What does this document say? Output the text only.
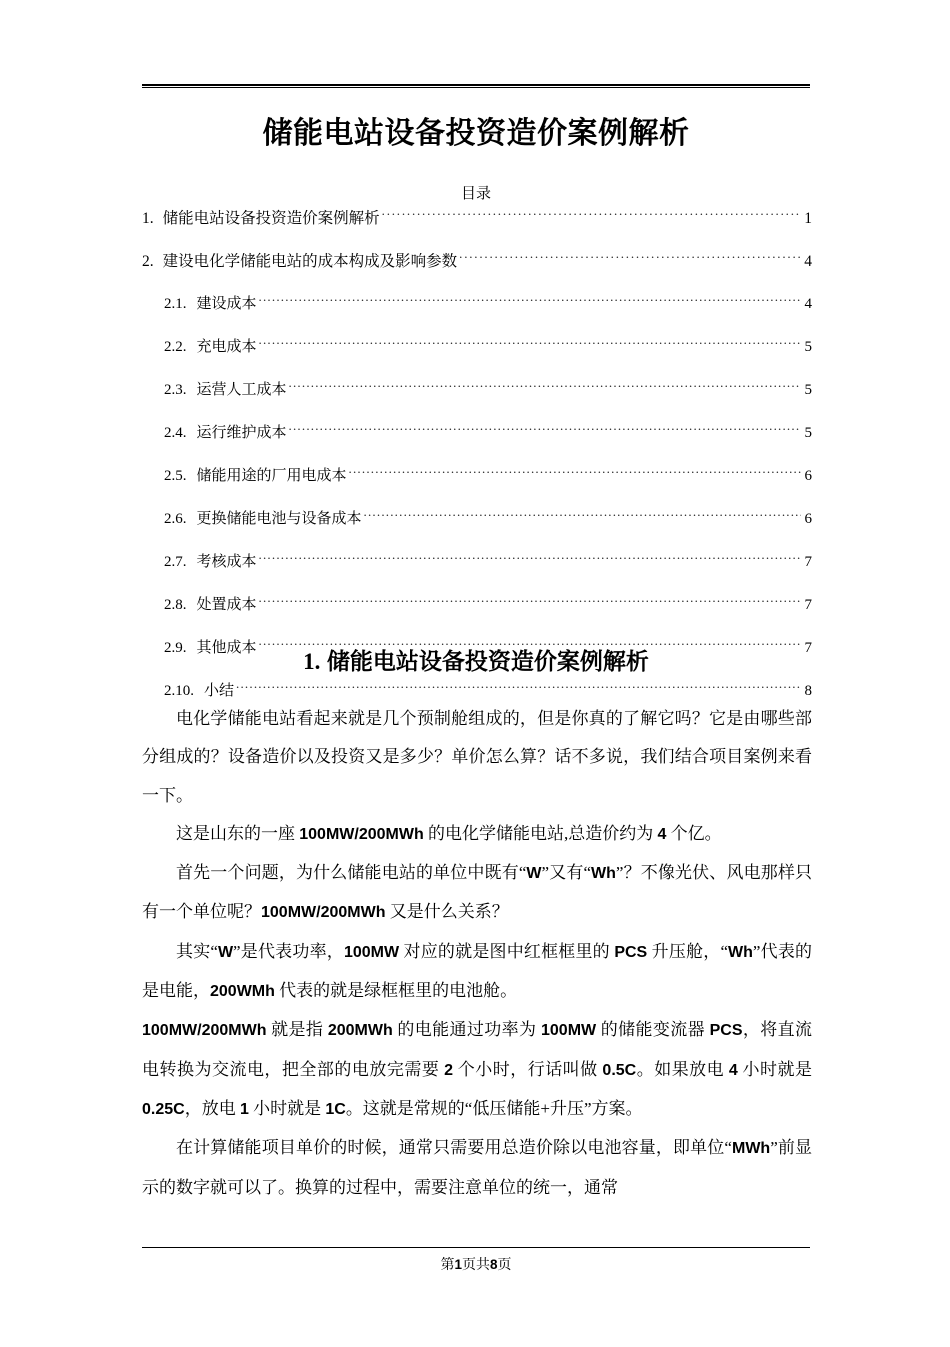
储能电站设备投资造价案例解析
目录
1. 储能电站设备投资造价案例解析 .....	1
2. 建设电化学储能电站的成本构成及影响参数 .....	4
2.1. 建设成本 .....	4
2.2. 充电成本 .....	5
2.3. 运营人工成本 .....	5
2.4. 运行维护成本 .....	5
2.5. 储能用途的厂用电成本 .....	6
2.6. 更换储能电池与设备成本 .....	6
2.7. 考核成本 .....	7
2.8. 处置成本 .....	7
2.9. 其他成本 .....	7
2.10. 小结 .....	8
1. 储能电站设备投资造价案例解析

电化学储能电站看起来就是几个预制舱组成的，但是你真的了解它吗？它是由哪些部分组成的？设备造价以及投资又是多少？单价怎么算？话不多说，我们结合项目案例来看一下。

这是山东的一座 100MW/200MWh 的电化学储能电站,总造价约为 4 个亿。

首先一个问题，为什么储能电站的单位中既有“W”又有“Wh”？不像光伏、风电那样只有一个单位呢？100MW/200MWh 又是什么关系？

其实“W”是代表功率，100MW 对应的就是图中红框框里的 PCS 升压舱，“Wh”代表的是电能，200WMh 代表的就是绿框框里的电池舱。

100MW/200MWh 就是指 200MWh 的电能通过功率为 100MW 的储能变流器 PCS，将直流电转换为交流电，把全部的电放完需要 2 个小时，行话叫做 0.5C。如果放电 4 小时就是 0.25C，放电 1 小时就是 1C。这就是常规的“低压储能+升压”方案。

在计算储能项目单价的时候，通常只需要用总造价除以电池容量，即单位“MWh”前显示的数字就可以了。换算的过程中，需要注意单位的统一，通常

第1页共8页
